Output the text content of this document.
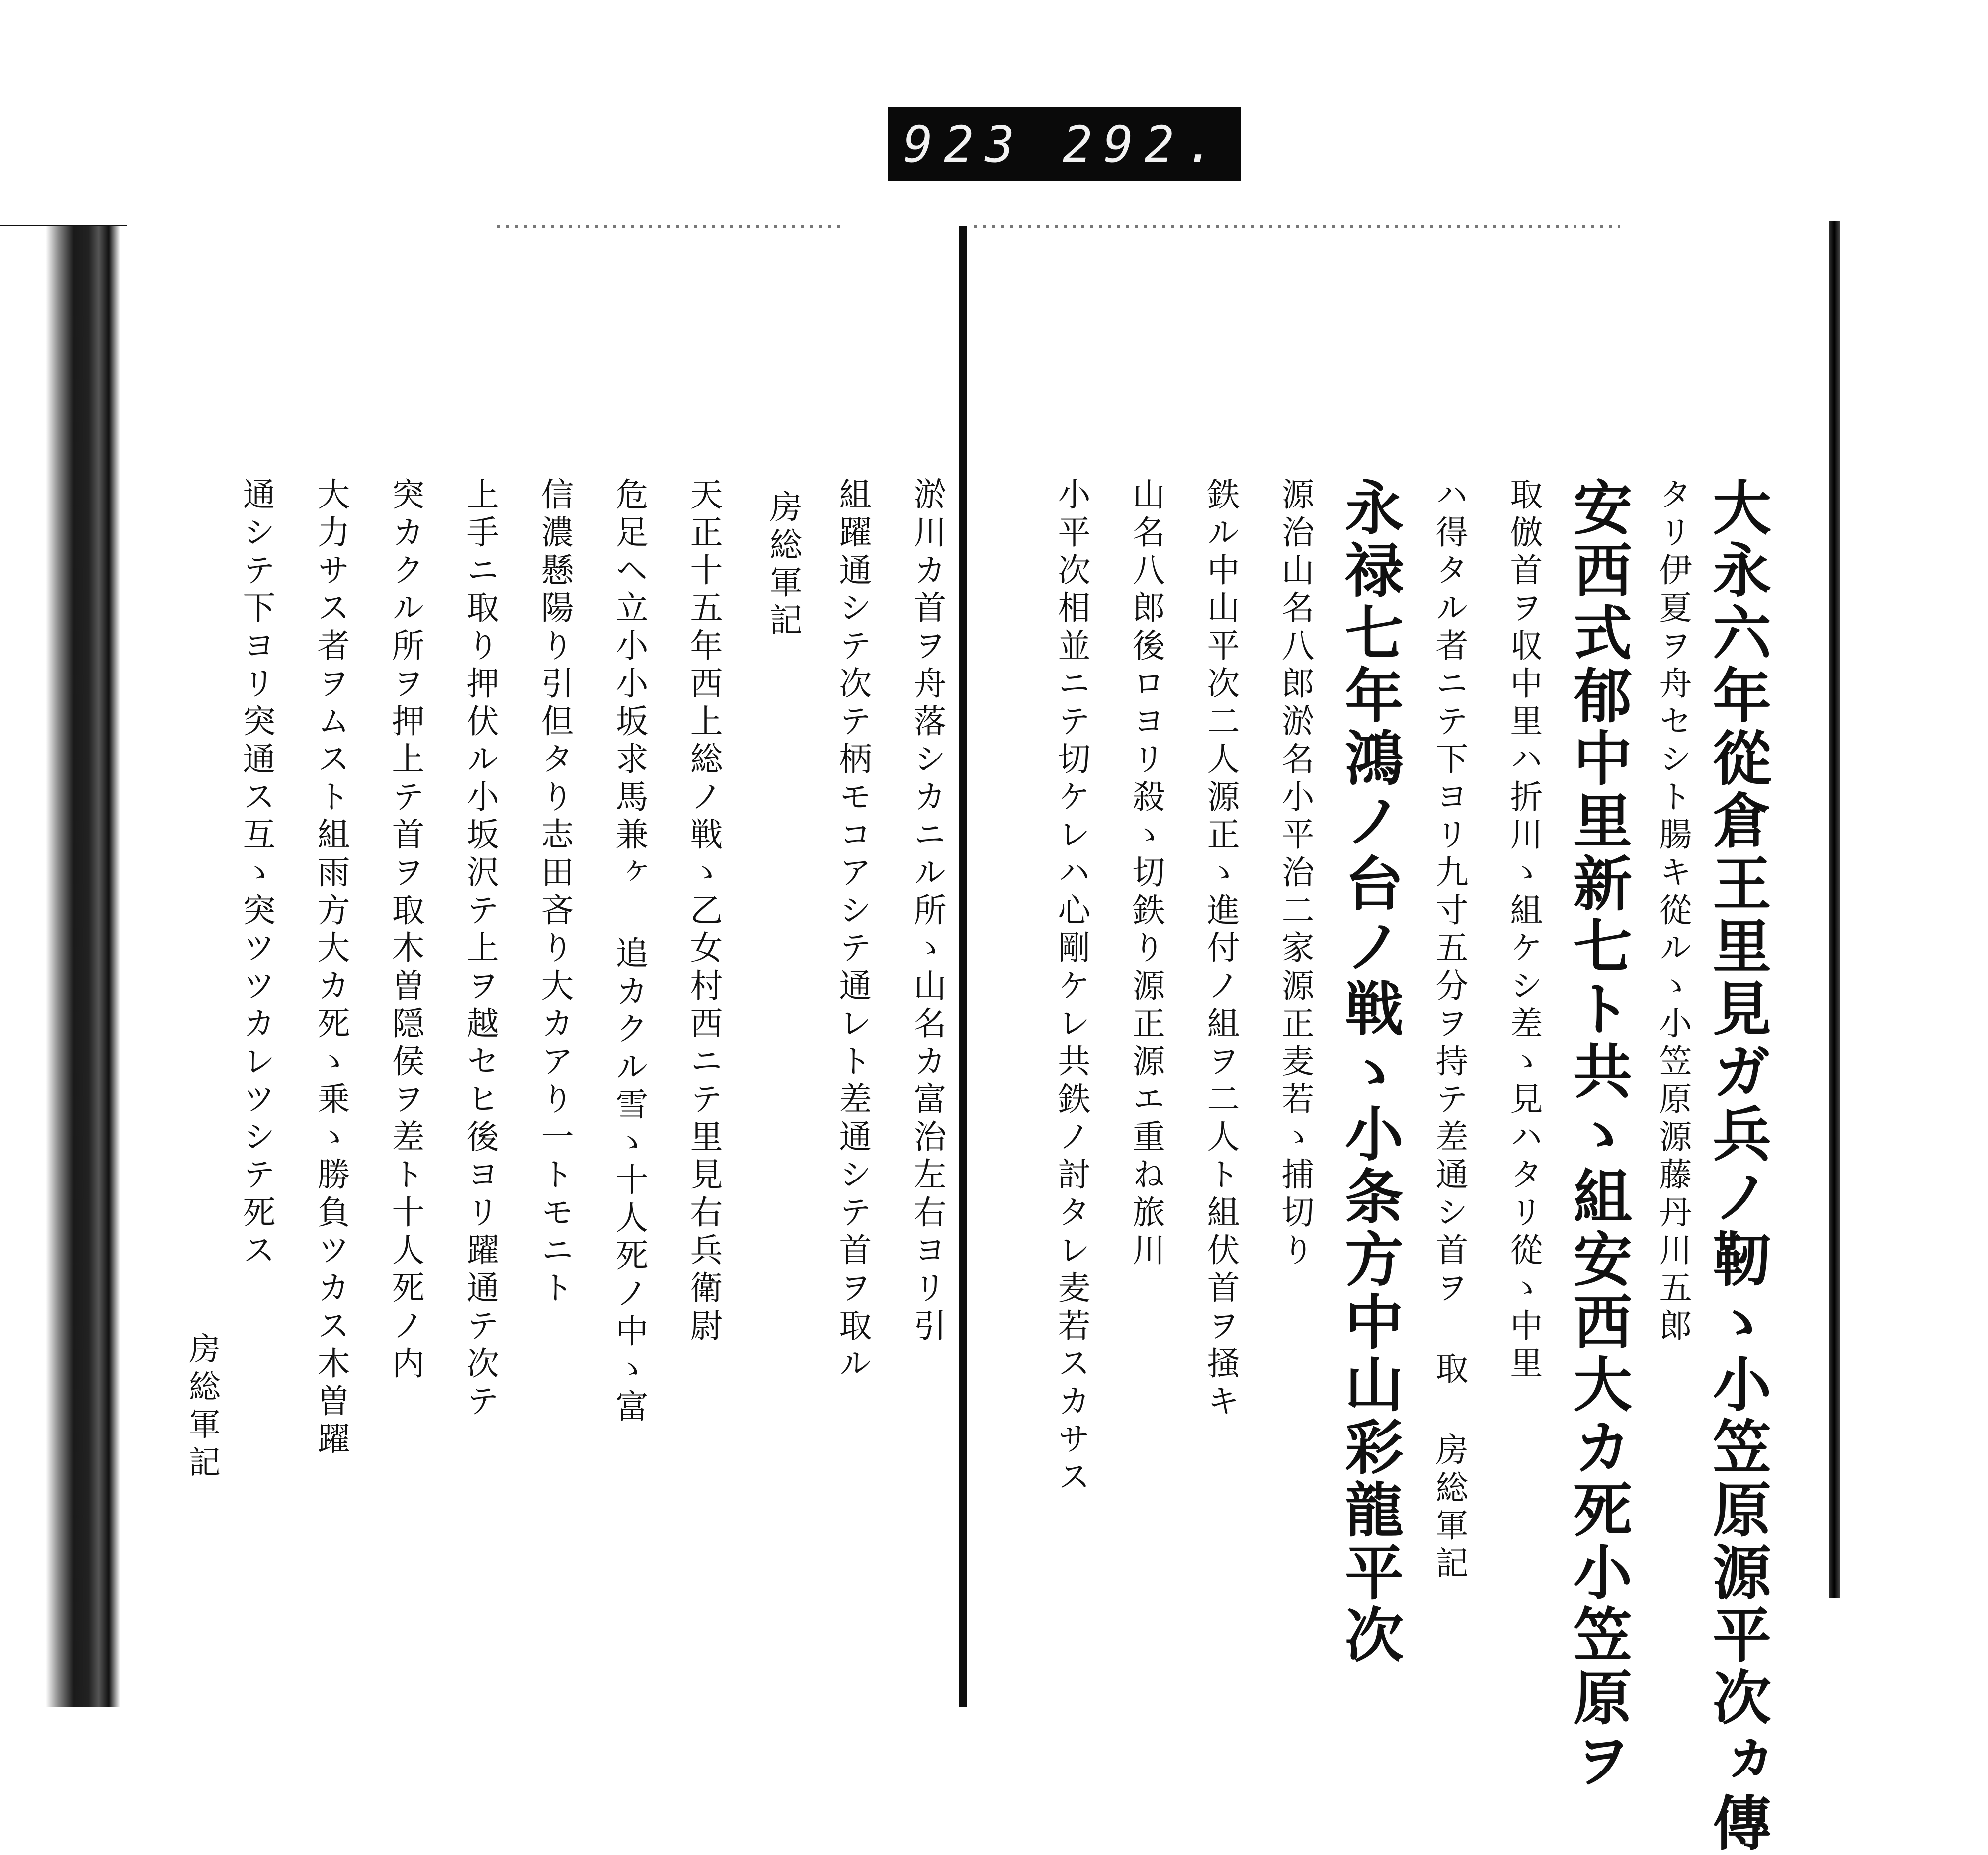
923 292.
大永六年從倉王里見ガ兵ノ靭ゝ小笠原源平次ヵ傳
タリ伊夏ヲ舟セシト腸キ從ルゝ小笠原源藤丹川五郎
安西式郁中里新七ト共ゝ組安西大カ死小笠原ヲ
取倣首ヲ収中里ハ折川ゝ組ケシ差ゝ見ハタリ從ゝ中里
ハ得タル者ニテ下ヨリ九寸五分ヲ持テ差通シ首ヲ 取 房総軍記
永禄七年鴻ノ台ノ戦ゝ小条方中山彩龍平次
源治山名八郎淤名小平治二家源正麦若ゝ捕切り
鉄ル中山平次二人源正ゝ進付ノ組ヲ二人ト組伏首ヲ掻キ
山名八郎後ロヨリ殺ゝ切鉄り源正源エ重ね旅川
小平次相並ニテ切ケレハ心剛ケレ共鉄ノ討タレ麦若スカサス
淤川カ首ヲ舟落シカニル所ゝ山名カ富治左右ヨリ引
組躍通シテ次テ柄モコアシテ通レト差通シテ首ヲ取ル
房総軍記
天正十五年西上総ノ戦ゝ乙女村西ニテ里見右兵衛尉
危足ヘ立小小坂求馬兼ヶ 追カクル雪ゝ十人死ノ中ゝ富
信濃懸陽り引但タり志田吝り大カアり一トモニト
上手ニ取り押伏ル小坂沢テ上ヲ越セヒ後ヨリ躍通テ次テ
突カクル所ヲ押上テ首ヲ取木曽隠侯ヲ差ト十人死ノ内
大力サス者ヲムスト組雨方大カ死ゝ乗ゝ勝負ツカス木曽躍
通シテ下ヨリ突通ス互ゝ突ツツカレツシテ死ス
房総軍記
